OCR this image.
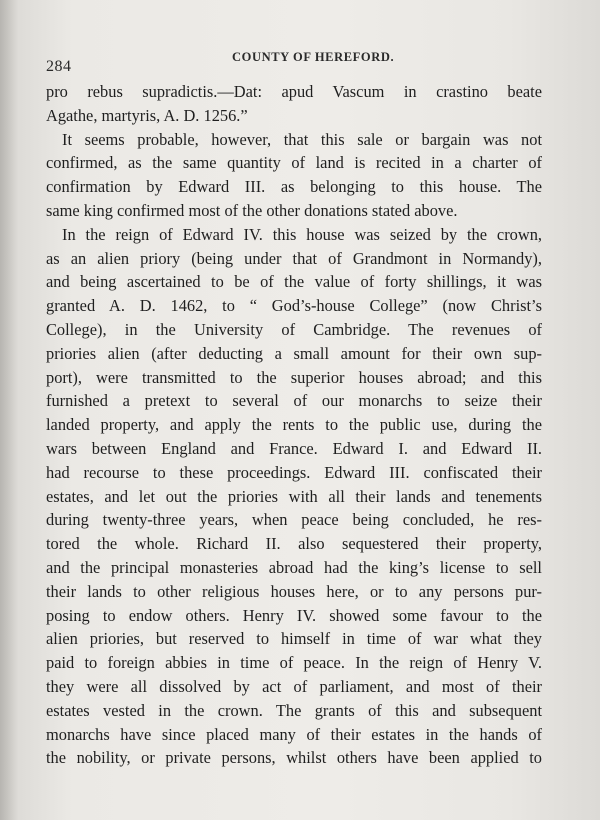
284
COUNTY OF HEREFORD.
pro rebus supradictis.—Dat: apud Vascum in crastino beate
Agathe, martyris, A. D. 1256.”
It seems probable, however, that this sale or bargain was not
confirmed, as the same quantity of land is recited in a charter of
confirmation by Edward III. as belonging to this house. The
same king confirmed most of the other donations stated above.
In the reign of Edward IV. this house was seized by the crown,
as an alien priory (being under that of Grandmont in Normandy),
and being ascertained to be of the value of forty shillings, it was
granted A. D. 1462, to “ God’s-house College” (now Christ’s
College), in the University of Cambridge. The revenues of
priories alien (after deducting a small amount for their own sup-
port), were transmitted to the superior houses abroad; and this
furnished a pretext to several of our monarchs to seize their
landed property, and apply the rents to the public use, during the
wars between England and France. Edward I. and Edward II.
had recourse to these proceedings. Edward III. confiscated their
estates, and let out the priories with all their lands and tenements
during twenty-three years, when peace being concluded, he res-
tored the whole. Richard II. also sequestered their property,
and the principal monasteries abroad had the king’s license to sell
their lands to other religious houses here, or to any persons pur-
posing to endow others. Henry IV. showed some favour to the
alien priories, but reserved to himself in time of war what they
paid to foreign abbies in time of peace. In the reign of Henry V.
they were all dissolved by act of parliament, and most of their
estates vested in the crown. The grants of this and subsequent
monarchs have since placed many of their estates in the hands of
the nobility, or private persons, whilst others have been applied to
